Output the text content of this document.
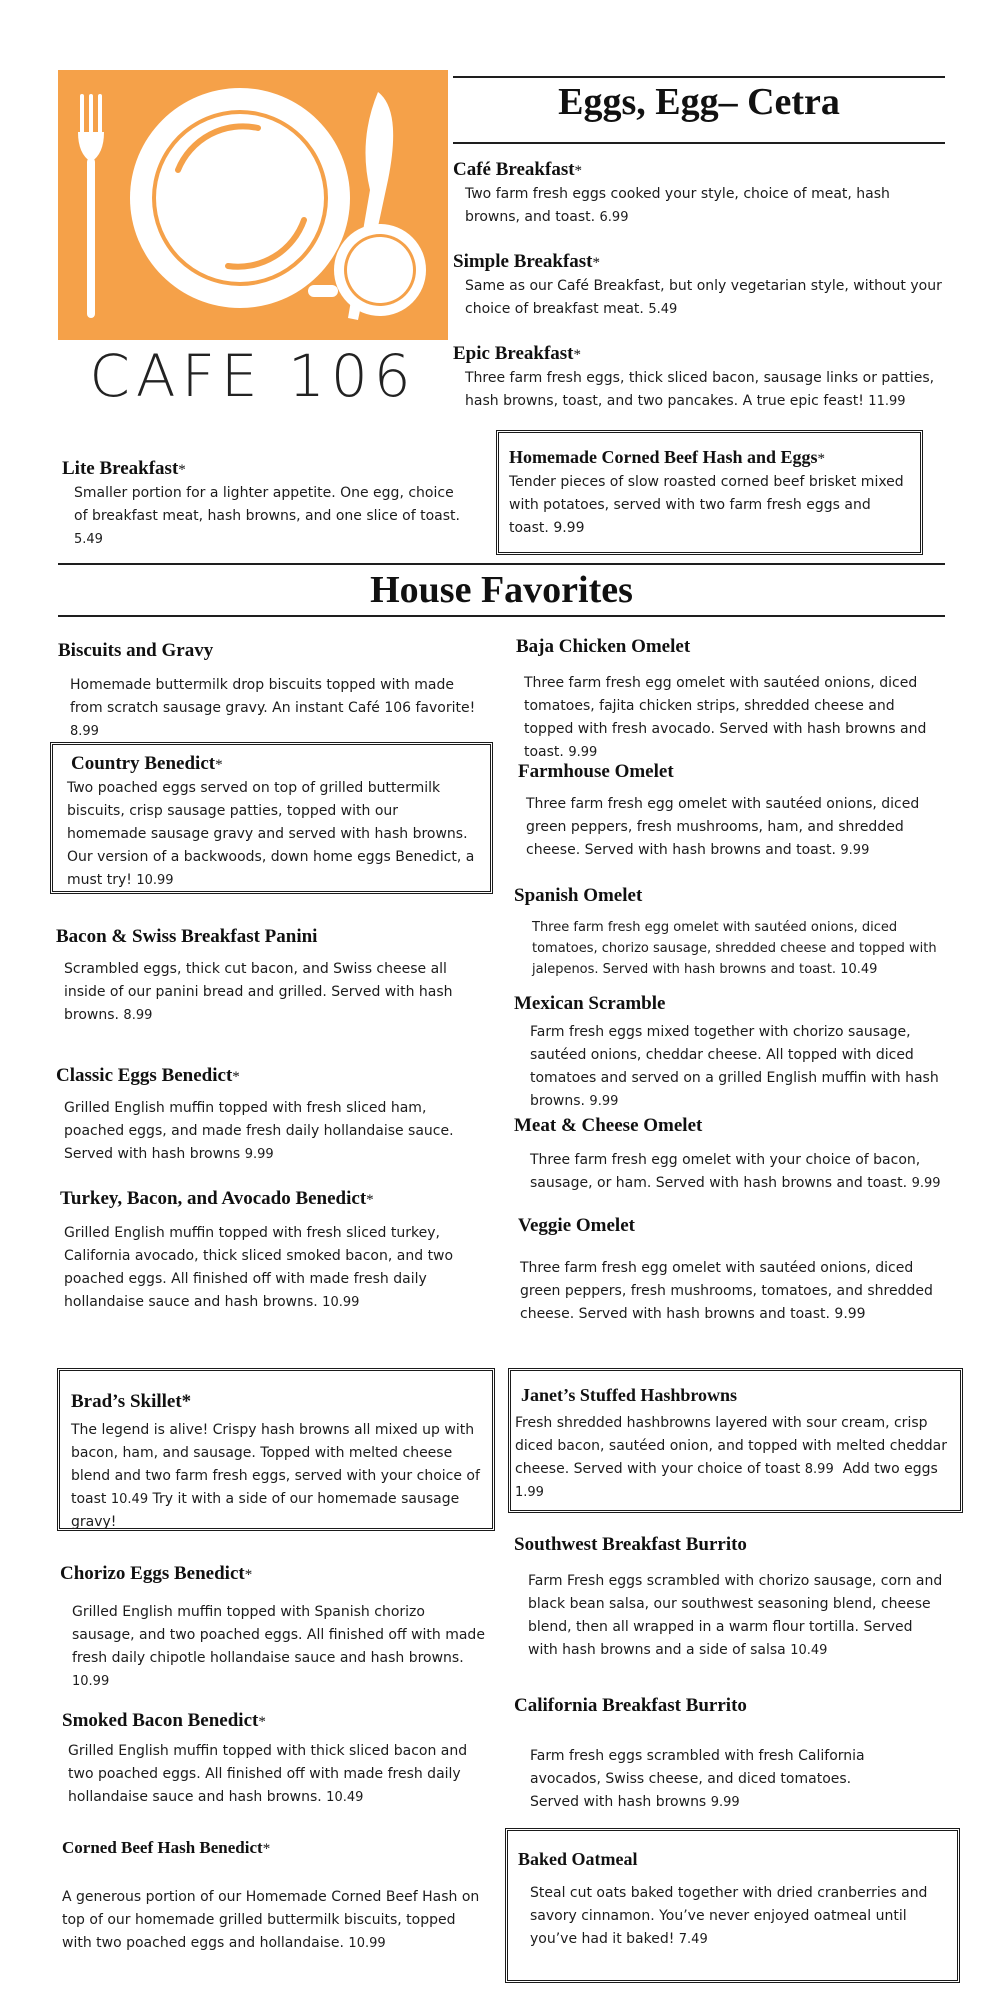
CAFE 106
Eggs, Egg– Cetra
Café Breakfast*
Two farm fresh eggs cooked your style, choice of meat, hash browns, and toast. 6.99
Simple Breakfast*
Same as our Café Breakfast, but only vegetarian style, without your choice of breakfast meat. 5.49
Epic Breakfast*
Three farm fresh eggs, thick sliced bacon, sausage links or patties, hash browns, toast, and two pancakes. A true epic feast! 11.99
Lite Breakfast*
Smaller portion for a lighter appetite. One egg, choice of breakfast meat, hash browns, and one slice of toast. 5.49
Homemade Corned Beef Hash and Eggs*
Tender pieces of slow roasted corned beef brisket mixed with potatoes, served with two farm fresh eggs and toast. 9.99
House Favorites
Biscuits and Gravy
Homemade buttermilk drop biscuits topped with made from scratch sausage gravy. An instant Café 106 favorite! 8.99
Country Benedict*
Two poached eggs served on top of grilled buttermilk biscuits, crisp sausage patties, topped with our homemade sausage gravy and served with hash browns. Our version of a backwoods, down home eggs Benedict, a must try! 10.99
Bacon & Swiss Breakfast Panini
Scrambled eggs, thick cut bacon, and Swiss cheese all inside of our panini bread and grilled. Served with hash browns. 8.99
Classic Eggs Benedict*
Grilled English muffin topped with fresh sliced ham, poached eggs, and made fresh daily hollandaise sauce. Served with hash browns 9.99
Turkey, Bacon, and Avocado Benedict*
Grilled English muffin topped with fresh sliced turkey, California avocado, thick sliced smoked bacon, and two poached eggs. All finished off with made fresh daily hollandaise sauce and hash browns. 10.99
Brad’s Skillet*
The legend is alive! Crispy hash browns all mixed up with bacon, ham, and sausage. Topped with melted cheese blend and two farm fresh eggs, served with your choice of toast 10.49 Try it with a side of our homemade sausage gravy!
Chorizo Eggs Benedict*
Grilled English muffin topped with Spanish chorizo sausage, and two poached eggs. All finished off with made fresh daily chipotle hollandaise sauce and hash browns. 10.99
Smoked Bacon Benedict*
Grilled English muffin topped with thick sliced bacon and two poached eggs. All finished off with made fresh daily hollandaise sauce and hash browns. 10.49
Corned Beef Hash Benedict*
A generous portion of our Homemade Corned Beef Hash on top of our homemade grilled buttermilk biscuits, topped with two poached eggs and hollandaise. 10.99
Baja Chicken Omelet
Three farm fresh egg omelet with sautéed onions, diced tomatoes, fajita chicken strips, shredded cheese and topped with fresh avocado. Served with hash browns and toast. 9.99
Farmhouse Omelet
Three farm fresh egg omelet with sautéed onions, diced green peppers, fresh mushrooms, ham, and shredded cheese. Served with hash browns and toast. 9.99
Spanish Omelet
Three farm fresh egg omelet with sautéed onions, diced tomatoes, chorizo sausage, shredded cheese and topped with jalepenos. Served with hash browns and toast. 10.49
Mexican Scramble
Farm fresh eggs mixed together with chorizo sausage, sautéed onions, cheddar cheese. All topped with diced tomatoes and served on a grilled English muffin with hash browns. 9.99
Meat & Cheese Omelet
Three farm fresh egg omelet with your choice of bacon, sausage, or ham. Served with hash browns and toast. 9.99
Veggie Omelet
Three farm fresh egg omelet with sautéed onions, diced green peppers, fresh mushrooms, tomatoes, and shredded cheese. Served with hash browns and toast. 9.99
Janet’s Stuffed Hashbrowns
Fresh shredded hashbrowns layered with sour cream, crisp diced bacon, sautéed onion, and topped with melted cheddar cheese. Served with your choice of toast 8.99 Add two eggs 1.99
Southwest Breakfast Burrito
Farm Fresh eggs scrambled with chorizo sausage, corn and black bean salsa, our southwest seasoning blend, cheese blend, then all wrapped in a warm flour tortilla. Served with hash browns and a side of salsa 10.49
California Breakfast Burrito
Farm fresh eggs scrambled with fresh California avocados, Swiss cheese, and diced tomatoes. Served with hash browns 9.99
Baked Oatmeal
Steal cut oats baked together with dried cranberries and savory cinnamon. You’ve never enjoyed oatmeal until you’ve had it baked! 7.49
